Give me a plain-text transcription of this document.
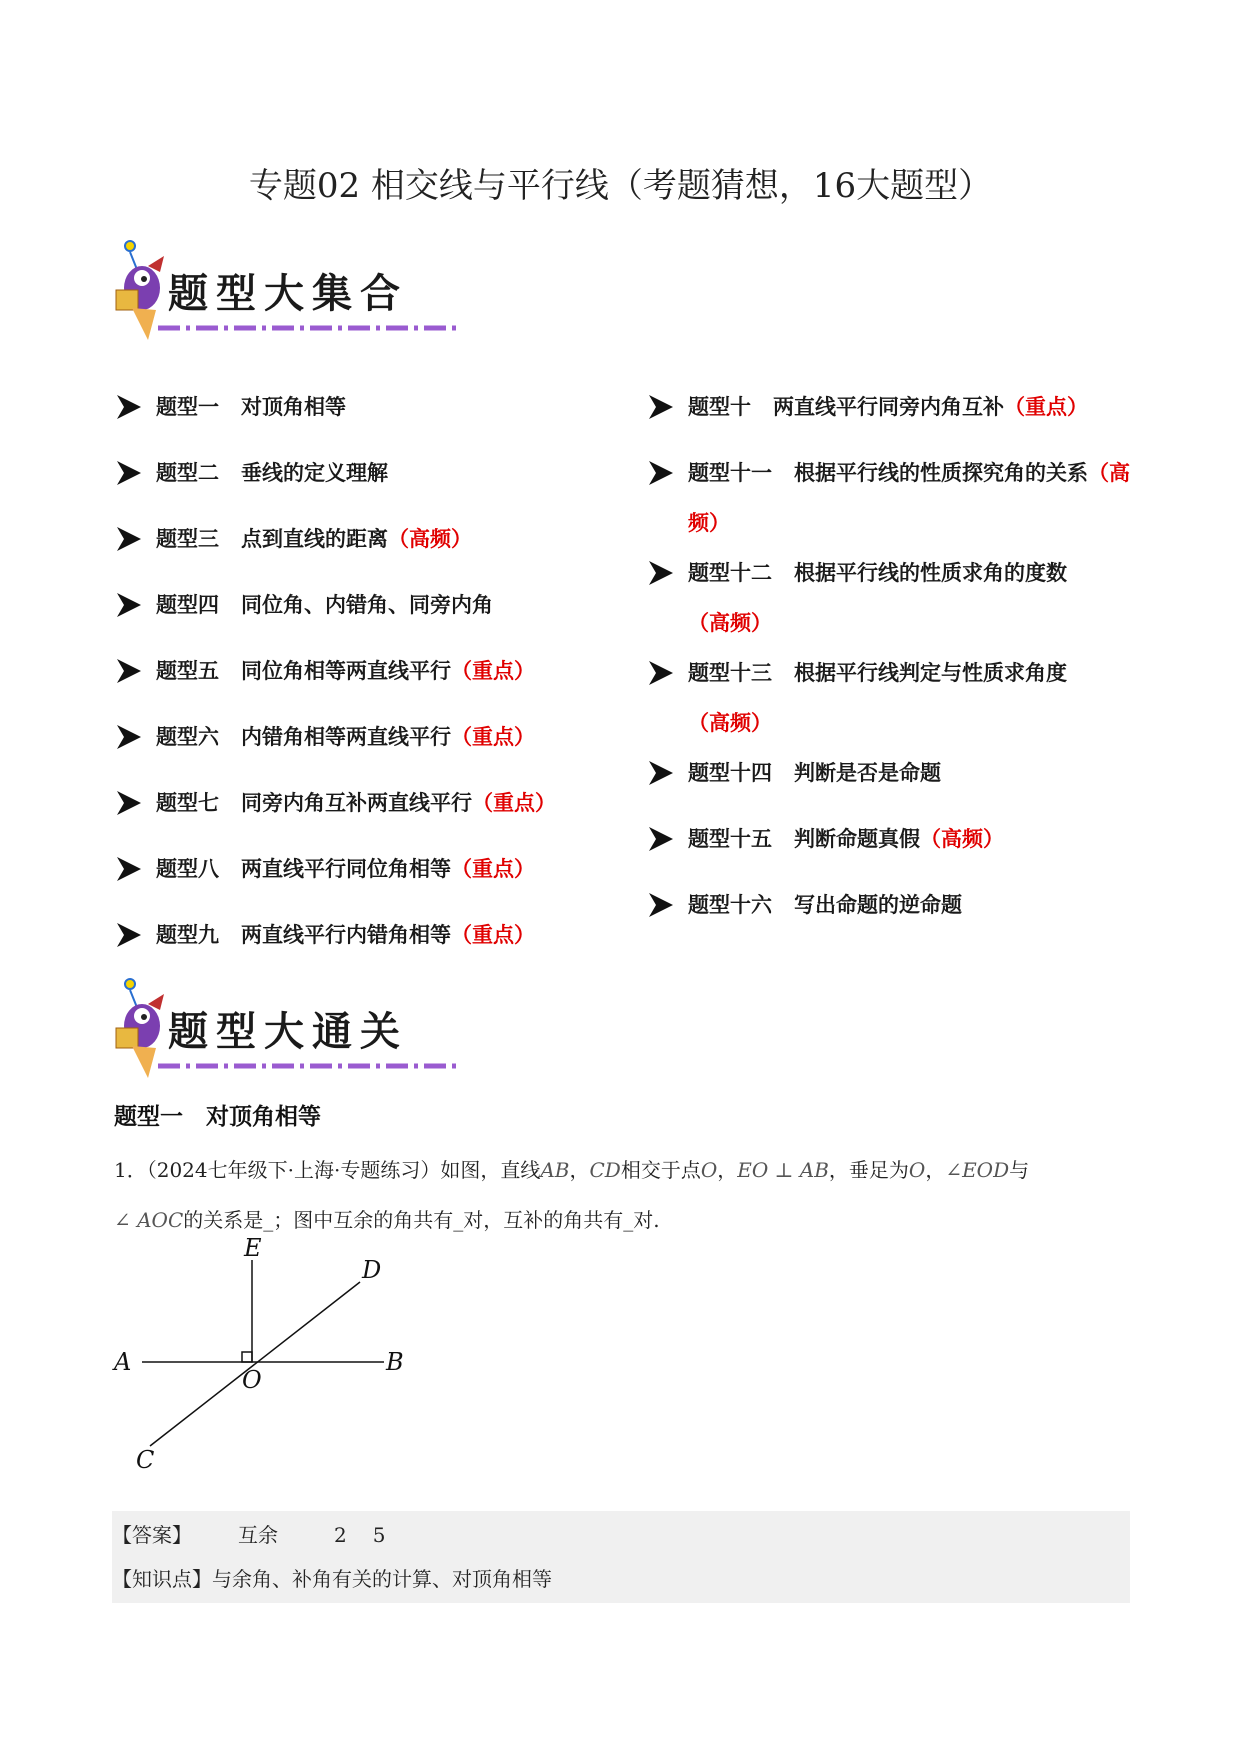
专题02 相交线与平行线（考题猜想，16大题型）
题型大集合
题型一 对顶角相等
题型二 垂线的定义理解
题型三 点到直线的距离（高频）
题型四 同位角、内错角、同旁内角
题型五 同位角相等两直线平行（重点）
题型六 内错角相等两直线平行（重点）
题型七 同旁内角互补两直线平行（重点）
题型八 两直线平行同位角相等（重点）
题型九 两直线平行内错角相等（重点）
题型十 两直线平行同旁内角互补（重点）
题型十一 根据平行线的性质探究角的关系（高频）
题型十二 根据平行线的性质求角的度数（高频）
题型十三 根据平行线判定与性质求角度（高频）
题型十四 判断是否是命题
题型十五 判断命题真假（高频）
题型十六 写出命题的逆命题
题型大通关
题型一　对顶角相等
1．（2024七年级下·上海·专题练习）如图，直线AB，CD相交于点O，EO ⊥ AB，垂足为O，∠EOD与
∠ AOC的关系是_；图中互余的角共有_对，互补的角共有_对.
E
D
A	B
O
C
【答案】 互余	2 5
【知识点】与余角、补角有关的计算、对顶角相等
